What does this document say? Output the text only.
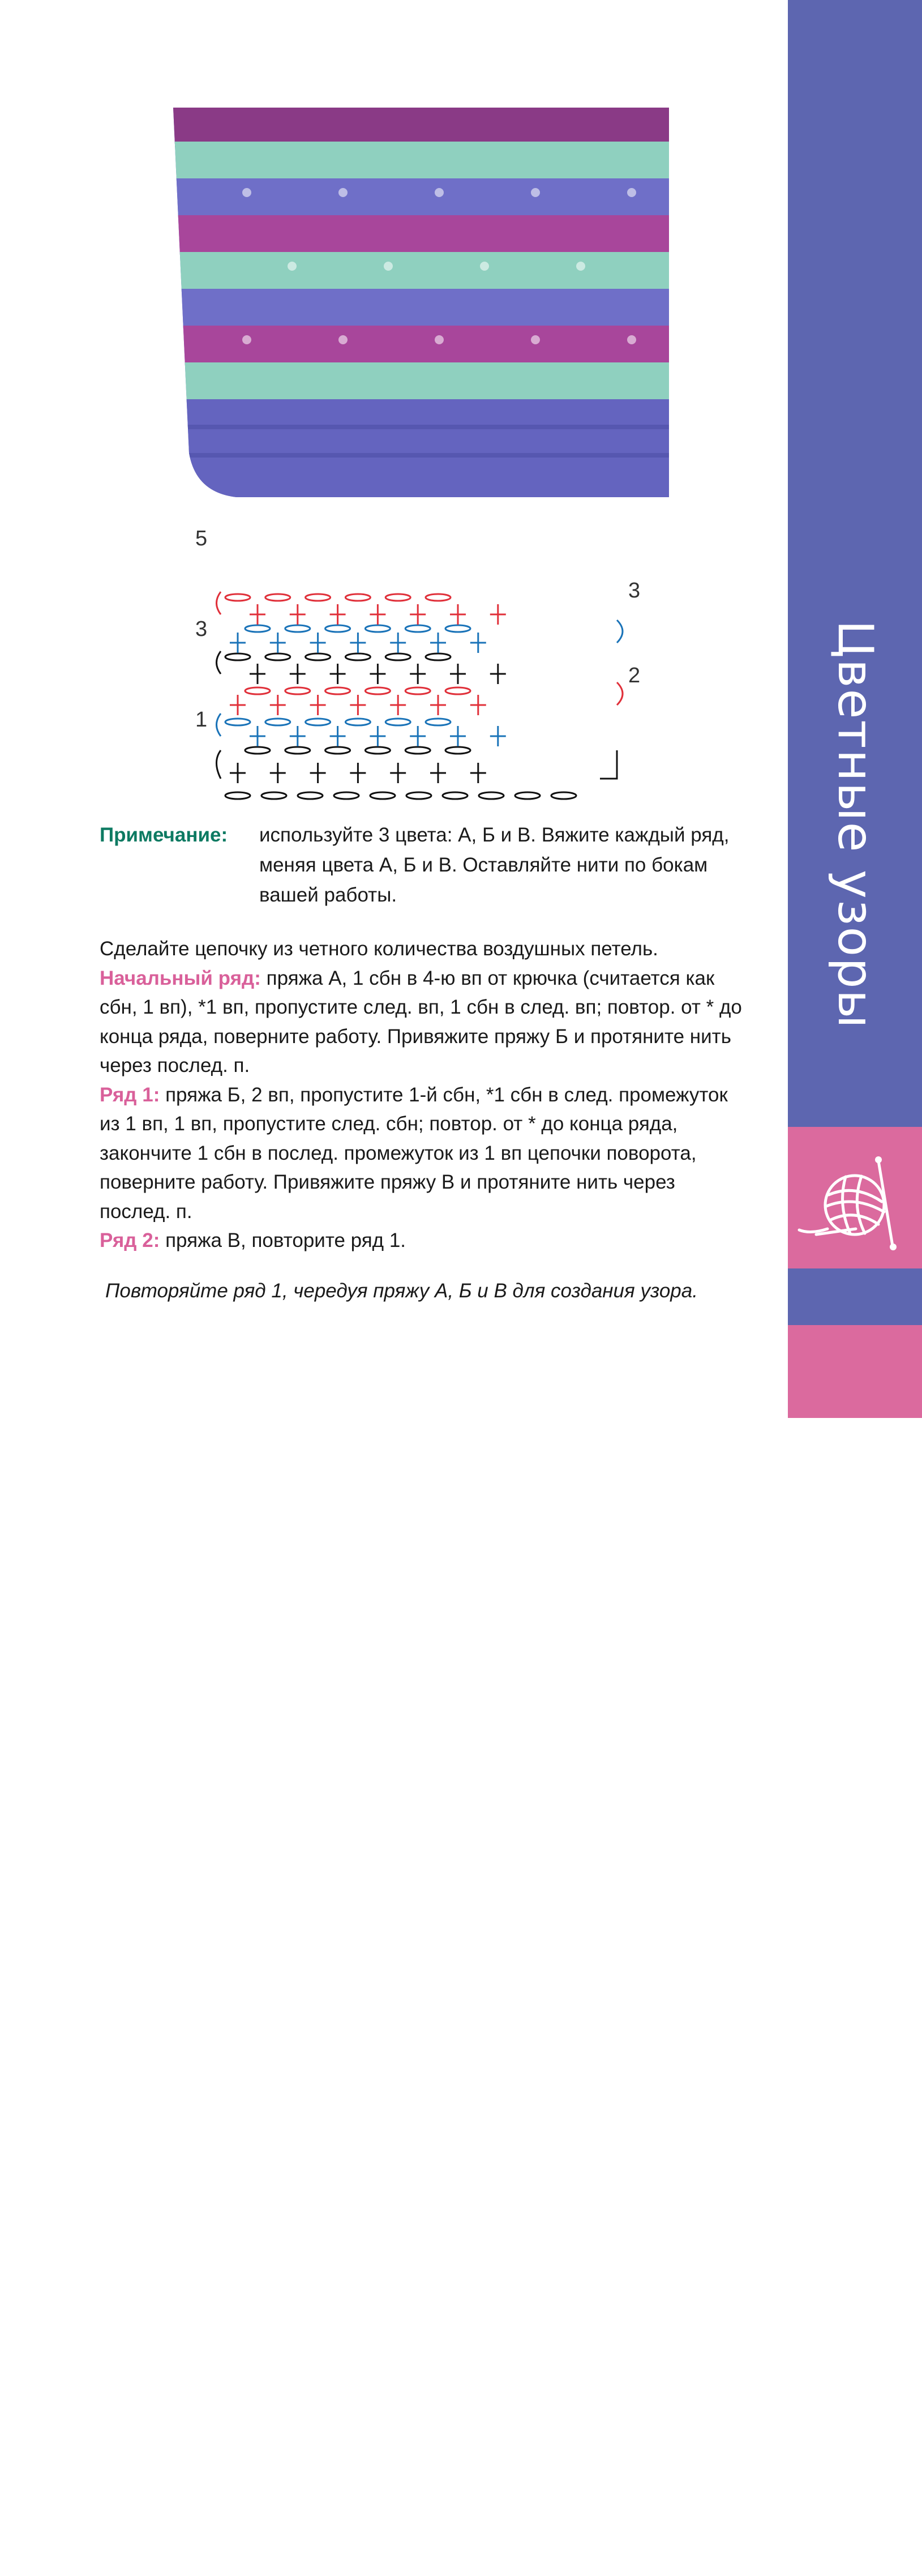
95
Цветные узоры
5
3
1
3
2
Примечание: используйте 3 цвета: А, Б и В. Вяжите каждый ряд, меняя цвета А, Б и В. Оставляйте нити по бокам вашей работы.

Сделайте цепочку из четного количества воздушных петель.

Начальный ряд: пряжа А, 1 сбн в 4-ю вп от крючка (считается как сбн, 1 вп), *1 вп, пропустите след. вп, 1 сбн в след. вп; повтор. от * до конца ряда, поверните работу. Привяжите пряжу Б и протяните нить через послед. п.

Ряд 1: пряжа Б, 2 вп, пропустите 1-й сбн, *1 сбн в след. промежуток из 1 вп, 1 вп, пропустите след. сбн; повтор. от * до конца ряда, закончите 1 сбн в послед. промежуток из 1 вп цепочки поворота, поверните работу. Привяжите пряжу В и протяните нить через послед. п.

Ряд 2: пряжа В, повторите ряд 1.

Повторяйте ряд 1, чередуя пряжу А, Б и В для создания узора.
